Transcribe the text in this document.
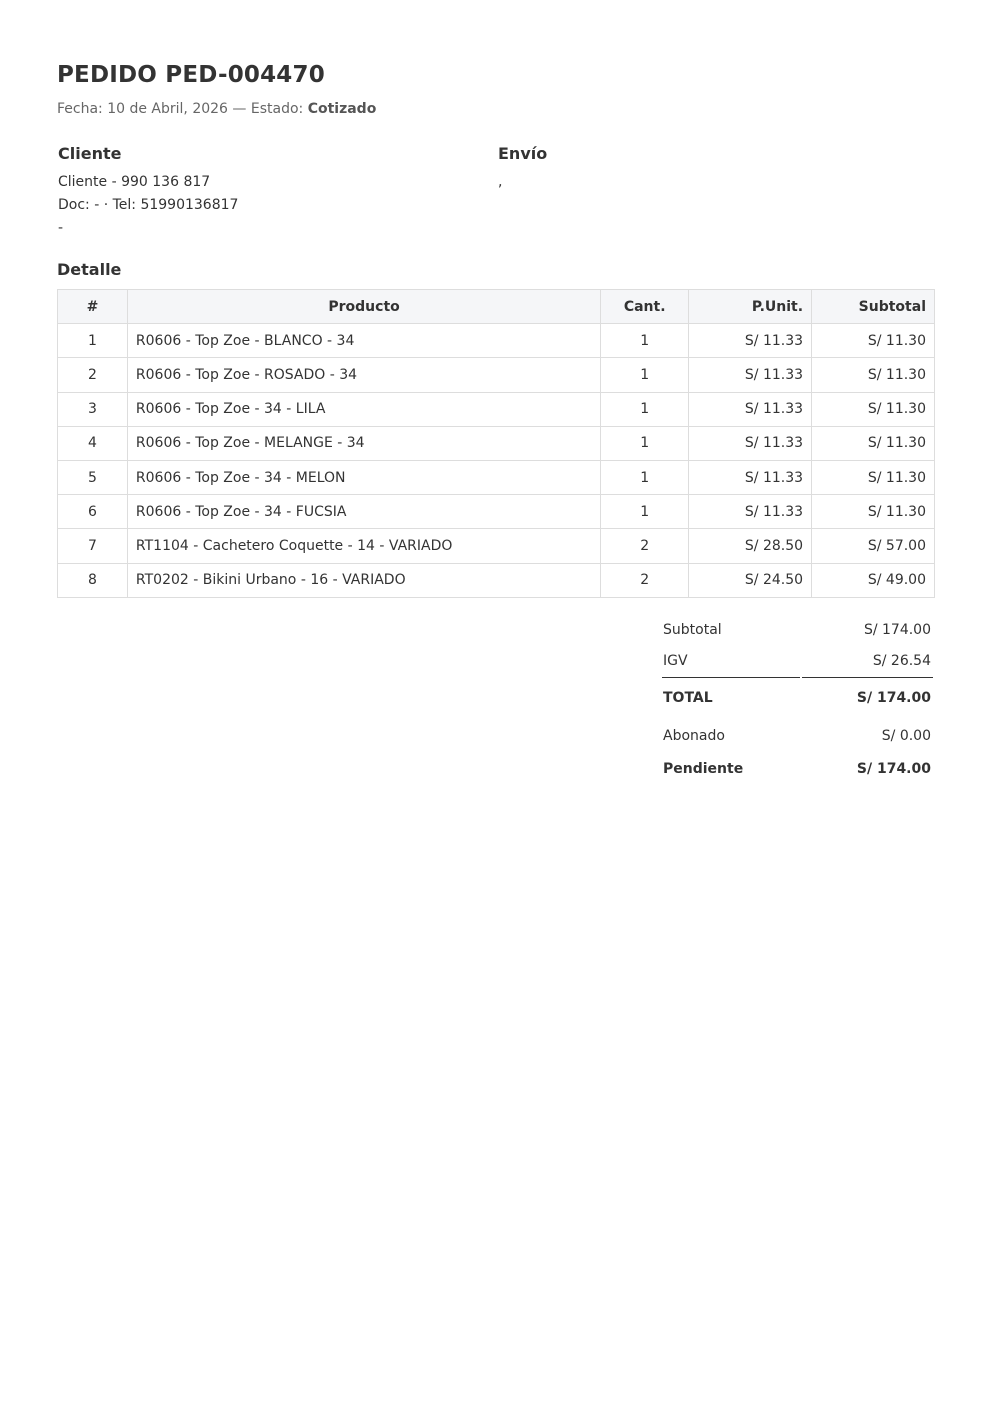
PEDIDO PED-004470
Fecha: 10 de Abril, 2026 — Estado: Cotizado
Cliente
Cliente - 990 136 817
Doc: - · Tel: 51990136817
-
Envío
,
Detalle
#	Producto	Cant.	P.Unit.	Subtotal
1	R0606 - Top Zoe - BLANCO - 34	1	S/ 11.33	S/ 11.30
2	R0606 - Top Zoe - ROSADO - 34	1	S/ 11.33	S/ 11.30
3	R0606 - Top Zoe - 34 - LILA	1	S/ 11.33	S/ 11.30
4	R0606 - Top Zoe - MELANGE - 34	1	S/ 11.33	S/ 11.30
5	R0606 - Top Zoe - 34 - MELON	1	S/ 11.33	S/ 11.30
6	R0606 - Top Zoe - 34 - FUCSIA	1	S/ 11.33	S/ 11.30
7	RT1104 - Cachetero Coquette - 14 - VARIADO	2	S/ 28.50	S/ 57.00
8	RT0202 - Bikini Urbano - 16 - VARIADO	2	S/ 24.50	S/ 49.00
Subtotal	S/ 174.00
IGV	S/ 26.54
TOTAL	S/ 174.00
Abonado	S/ 0.00
Pendiente	S/ 174.00
